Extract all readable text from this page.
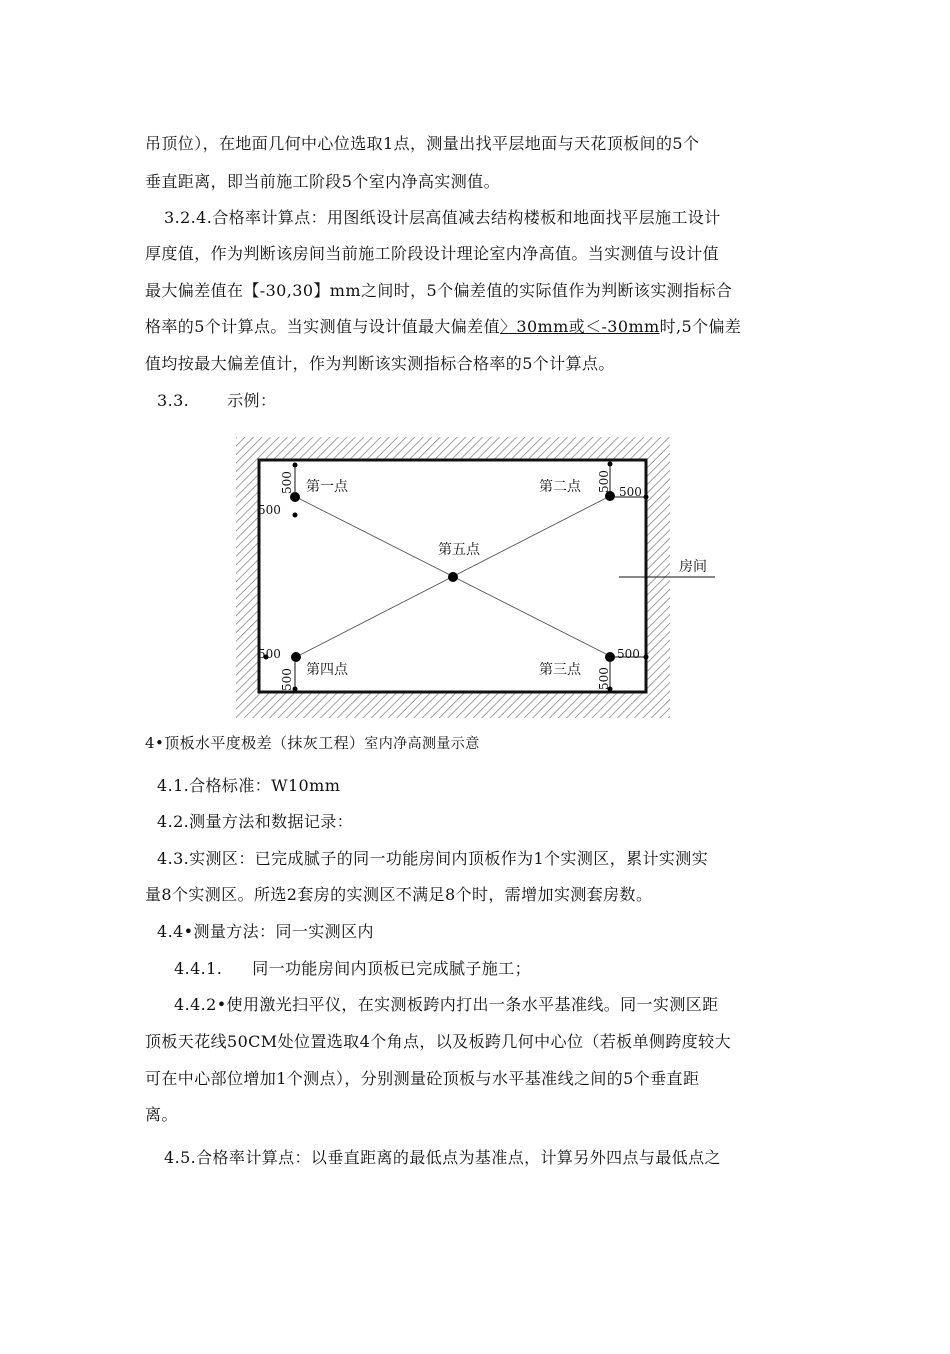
吊顶位），在地面几何中心位选取1点，测量出找平层地面与天花顶板间的5个

垂直距离，即当前施工阶段5个室内净高实测值。

3.2.4.合格率计算点：用图纸设计层高值减去结构楼板和地面找平层施工设计

厚度值，作为判断该房间当前施工阶段设计理论室内净高值。当实测值与设计值

最大偏差值在【-30,30】mm之间时，5个偏差值的实际值作为判断该实测指标合

格率的5个计算点。当实测值与设计值最大偏差值〉30mm或＜-30mm时,5个偏差

值均按最大偏差值计，作为判断该实测指标合格率的5个计算点。

3.3. 示例：

第一点	第二点
第五点
第四点	第三点
房间
500
500
500 500
500
500
500
500

4•顶板水平度极差（抹灰工程）室内净高测量示意

4.1.合格标准：W10mm

4.2.测量方法和数据记录：

4.3.实测区：已完成腻子的同一功能房间内顶板作为1个实测区，累计实测实

量8个实测区。所选2套房的实测区不满足8个时，需增加实测套房数。

4.4•测量方法：同一实测区内

4.4.1. 同一功能房间内顶板已完成腻子施工；

4.4.2•使用激光扫平仪，在实测板跨内打出一条水平基准线。同一实测区距

顶板天花线50CM处位置选取4个角点，以及板跨几何中心位（若板单侧跨度较大

可在中心部位增加1个测点），分别测量砼顶板与水平基准线之间的5个垂直距

离。

4.5.合格率计算点：以垂直距离的最低点为基准点，计算另外四点与最低点之
